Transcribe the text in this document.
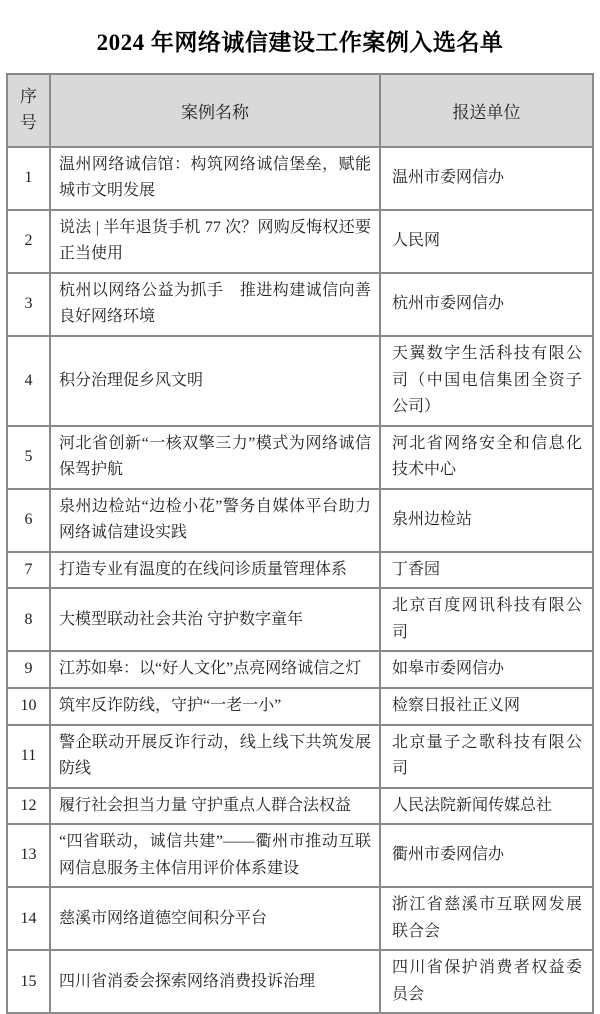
2024 年网络诚信建设工作案例入选名单
序号	案例名称	报送单位
1	温州网络诚信馆：构筑网络诚信堡垒，赋能城市文明发展	温州市委网信办
2	说法 | 半年退货手机 77 次？网购反悔权还要正当使用	人民网
3	杭州以网络公益为抓手　推进构建诚信向善良好网络环境	杭州市委网信办
4	积分治理促乡风文明	天翼数字生活科技有限公司（中国电信集团全资子公司）
5	河北省创新“一核双擎三力”模式为网络诚信保驾护航	河北省网络安全和信息化技术中心
6	泉州边检站“边检小花”警务自媒体平台助力网络诚信建设实践	泉州边检站
7	打造专业有温度的在线问诊质量管理体系	丁香园
8	大模型联动社会共治 守护数字童年	北京百度网讯科技有限公司
9	江苏如皋：以“好人文化”点亮网络诚信之灯	如皋市委网信办
10	筑牢反诈防线，守护“一老一小”	检察日报社正义网
11	警企联动开展反诈行动，线上线下共筑发展防线	北京量子之歌科技有限公司
12	履行社会担当力量 守护重点人群合法权益	人民法院新闻传媒总社
13	“四省联动，诚信共建”——衢州市推动互联网信息服务主体信用评价体系建设	衢州市委网信办
14	慈溪市网络道德空间积分平台	浙江省慈溪市互联网发展联合会
15	四川省消委会探索网络消费投诉治理	四川省保护消费者权益委员会
